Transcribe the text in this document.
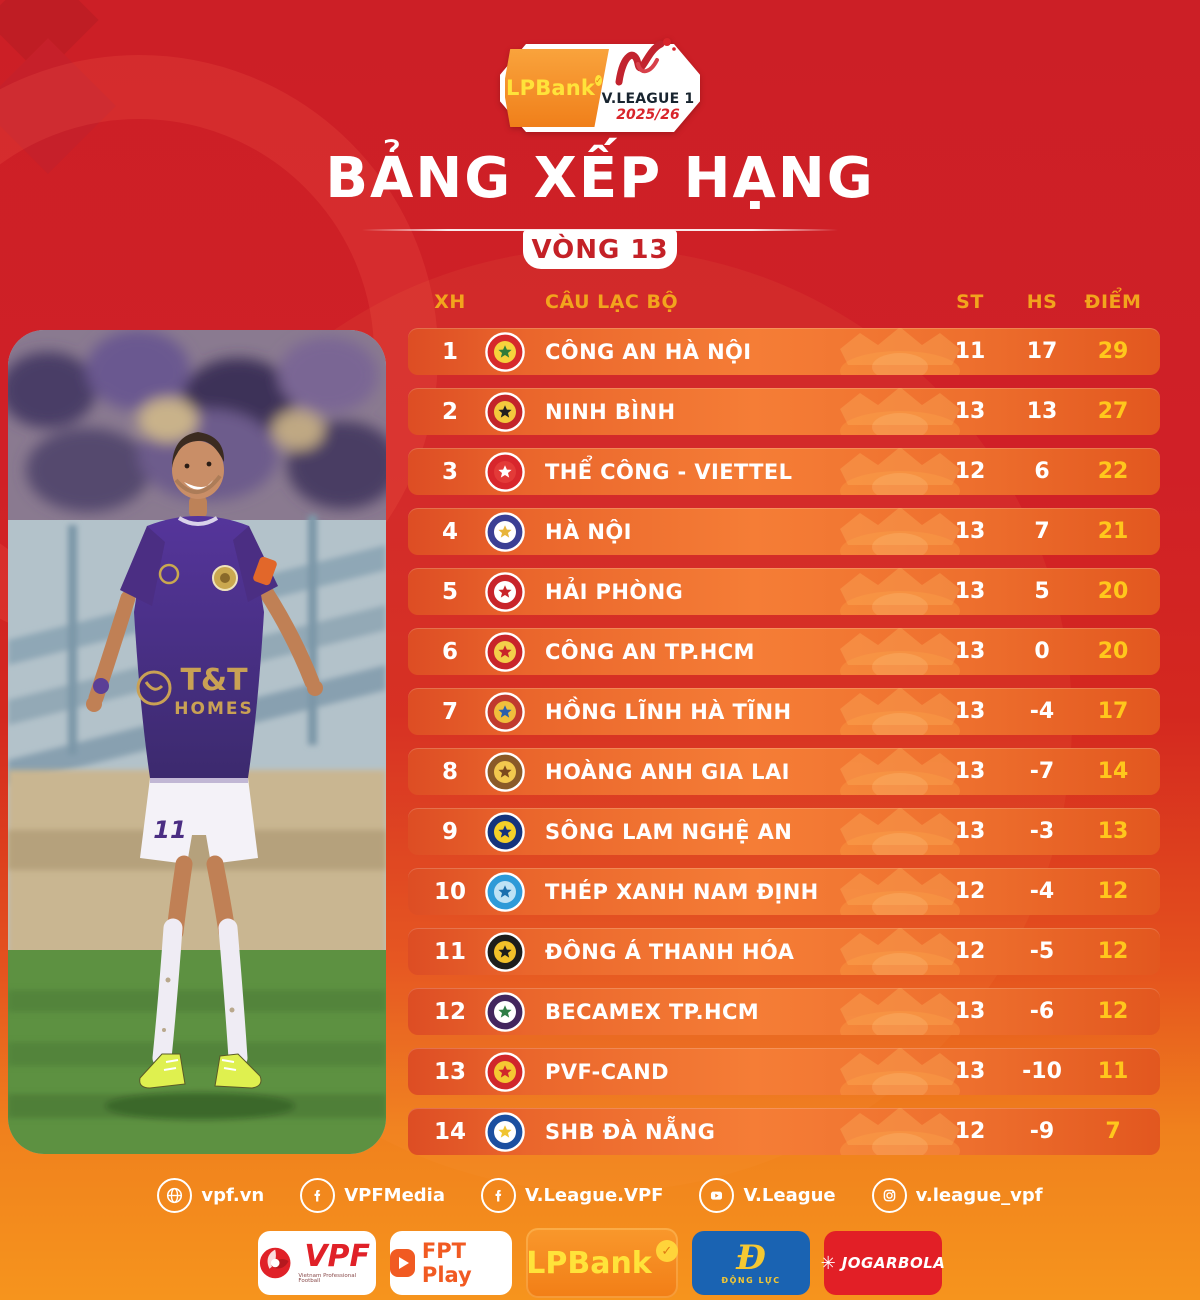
LPBank ✓
V.LEAGUE 1
2025/26
BẢNG XẾP HẠNG
VÒNG 13
XH	CÂU LẠC BỘ	ST	HS	ĐIỂM
1	CÔNG AN HÀ NỘI	11	17	29
2	NINH BÌNH	13	13	27
3	THỂ CÔNG - VIETTEL	12	6	22
4	HÀ NỘI	13	7	21
5	HẢI PHÒNG	13	5	20
6	CÔNG AN TP.HCM	13	0	20
7	HỒNG LĨNH HÀ TĨNH	13	-4	17
8	HOÀNG ANH GIA LAI	13	-7	14
9	SÔNG LAM NGHỆ AN	13	-3	13
10	THÉP XANH NAM ĐỊNH	12	-4	12
11	ĐÔNG Á THANH HÓA	12	-5	12
12	BECAMEX TP.HCM	13	-6	12
13	PVF-CAND	13	-10	11
14	SHB ĐÀ NẴNG	12	-9	7
T&T
HOMES
11
vpf.vn	VPFMedia	V.League.VPF	V.League	v.league_vpf
VPF
Vietnam Professional Football
FPT Play	LPBank ✓ Đ
ĐỘNG LỰC
✳ JOGARBOLA
